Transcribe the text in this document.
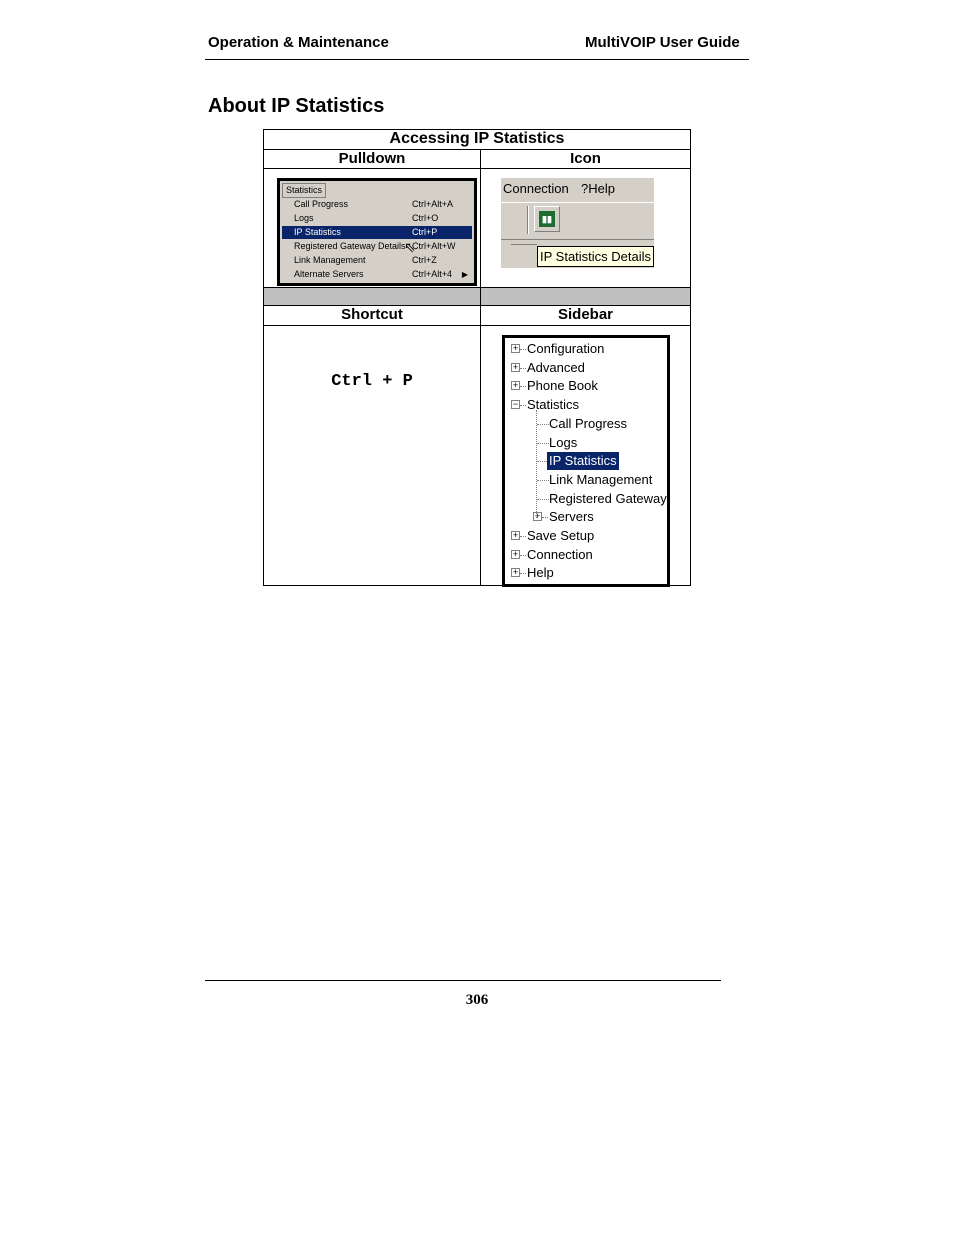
Operation & Maintenance	MultiVOIP User Guide
About IP Statistics
Accessing IP Statistics
Pulldown	Icon
Statistics
Call Progress	Ctrl+Alt+A
Logs	Ctrl+O
IP Statistics	Ctrl+P
Registered Gateway Details Ctrl+Alt+W
Link Management	Ctrl+Z
Alternate Servers	Ctrl+Alt+4 ▶
⇖
Connection ?Help
▮▮
IP Statistics Details
Shortcut	Sidebar
Ctrl + P
+ Configuration
+ Advanced
+ Phone Book
− Statistics
Call Progress
Logs
IP Statistics
Link Management
Registered Gateway
+ Servers
+ Save Setup
+ Connection
+ Help
306
